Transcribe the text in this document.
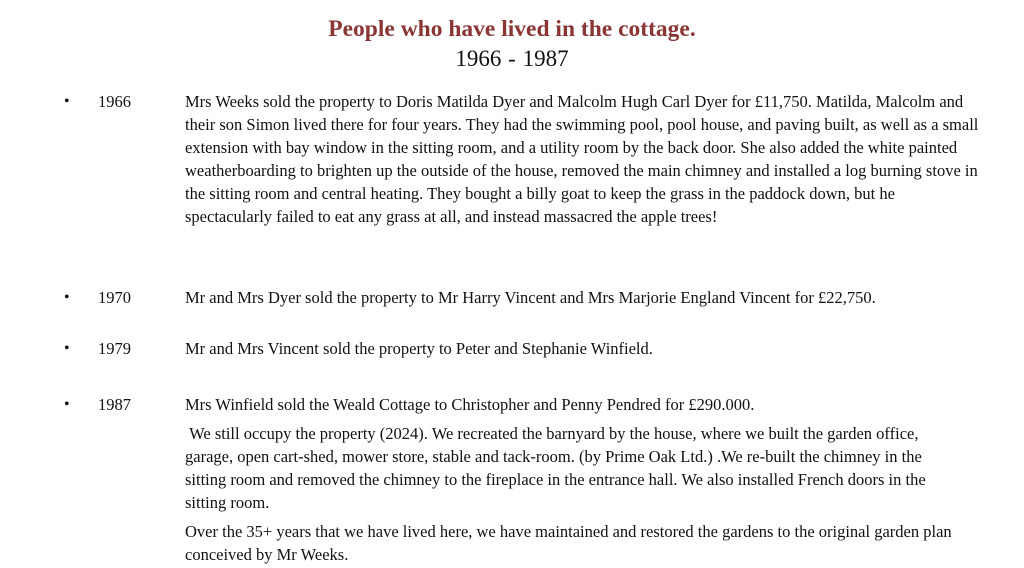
People who have lived in the cottage.
1966 - 1987
• 1966	Mrs Weeks sold the property to Doris Matilda Dyer and Malcolm Hugh Carl Dyer for £11,750. Matilda, Malcolm and their son Simon lived there for four years. They had the swimming pool, pool house, and paving built, as well as a small extension with bay window in the sitting room, and a utility room by the back door. She also added the white painted weatherboarding to brighten up the outside of the house, removed the main chimney and installed a log burning stove in the sitting room and central heating. They bought a billy goat to keep the grass in the paddock down, but he spectacularly failed to eat any grass at all, and instead massacred the apple trees!

• 1970	Mr and Mrs Dyer sold the property to Mr Harry Vincent and Mrs Marjorie England Vincent for £22,750.

• 1979	Mr and Mrs Vincent sold the property to Peter and Stephanie Winfield.

• 1987	Mrs Winfield sold the Weald Cottage to Christopher and Penny Pendred for £290.000.

We still occupy the property (2024). We recreated the barnyard by the house, where we built the garden office, garage, open cart-shed, mower store, stable and tack-room. (by Prime Oak Ltd.) .We re-built the chimney in the sitting room and removed the chimney to the fireplace in the entrance hall. We also installed French doors in the sitting room.

Over the 35+ years that we have lived here, we have maintained and restored the gardens to the original garden plan conceived by Mr Weeks.
